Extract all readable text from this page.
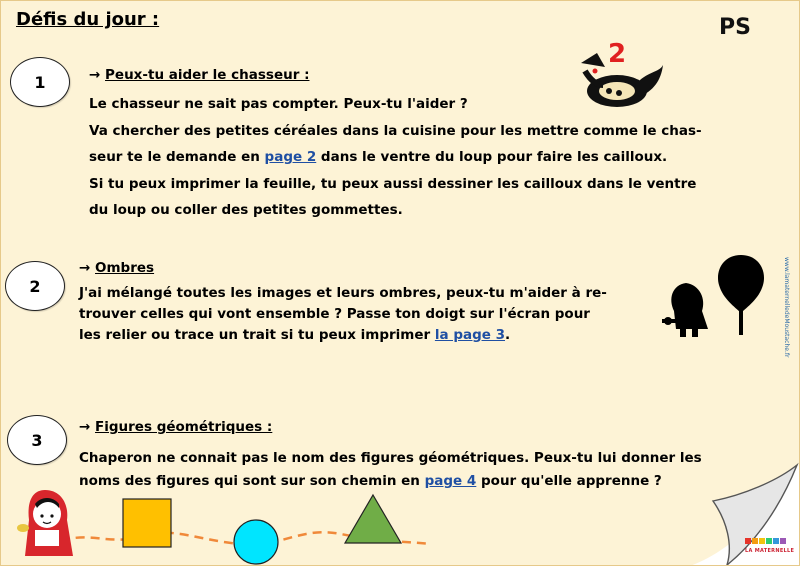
Défis du jour :	PS
1	→ Peux-tu aider le chasseur :
Le chasseur ne sait pas compter. Peux-tu l'aider ?
Va chercher des petites céréales dans la cuisine pour les mettre comme le chas-
seur te le demande en page 2 dans le ventre du loup pour faire les cailloux.
Si tu peux imprimer la feuille, tu peux aussi dessiner les cailloux dans le ventre
du loup ou coller des petites gommettes.
2
2
→ Ombres
J'ai mélangé toutes les images et leurs ombres, peux-tu m'aider à re-
trouver celles qui vont ensemble ? Passe ton doigt sur l'écran pour
les relier ou trace un trait si tu peux imprimer la page 3.	www.lamaternelledeMoustache.fr
3
→ Figures géométriques :
Chaperon ne connait pas le nom des figures géométriques. Peux-tu lui donner les
noms des figures qui sont sur son chemin en page 4 pour qu'elle apprenne ?
LA MATERNELLE
